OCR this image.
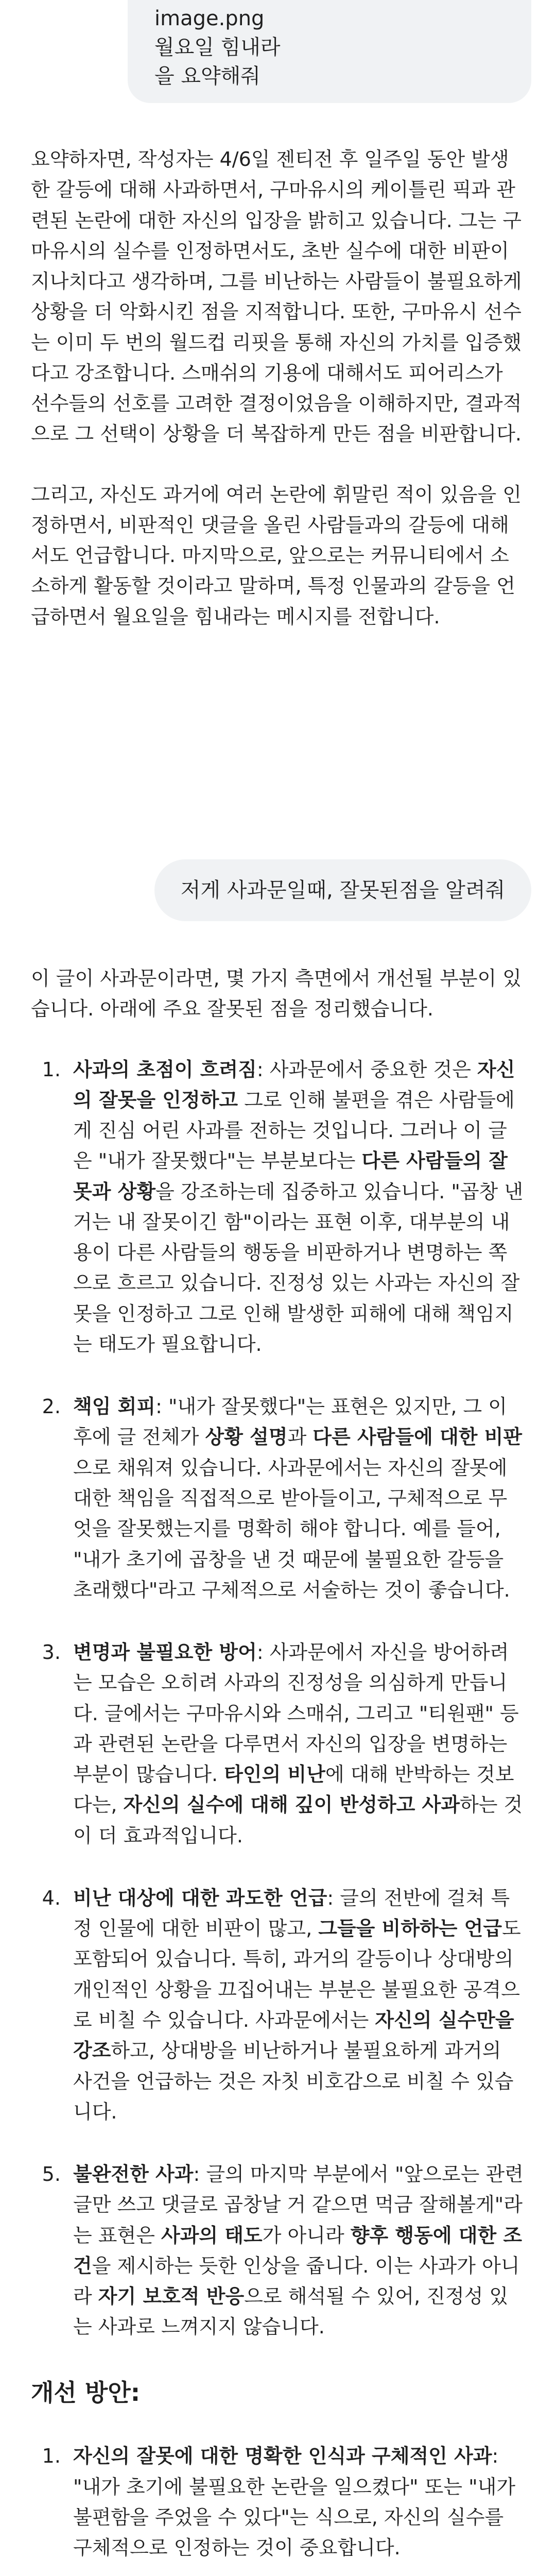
image.png
월요일 힘내라
을 요약해줘

요약하자면, 작성자는 4/6일 젠티전 후 일주일 동안 발생한 갈등에 대해 사과하면서, 구마유시의 케이틀린 픽과 관련된 논란에 대한 자신의 입장을 밝히고 있습니다. 그는 구마유시의 실수를 인정하면서도, 초반 실수에 대한 비판이 지나치다고 생각하며, 그를 비난하는 사람들이 불필요하게 상황을 더 악화시킨 점을 지적합니다. 또한, 구마유시 선수는 이미 두 번의 월드컵 리핏을 통해 자신의 가치를 입증했다고 강조합니다. 스매쉬의 기용에 대해서도 피어리스가 선수들의 선호를 고려한 결정이었음을 이해하지만, 결과적으로 그 선택이 상황을 더 복잡하게 만든 점을 비판합니다.

그리고, 자신도 과거에 여러 논란에 휘말린 적이 있음을 인정하면서, 비판적인 댓글을 올린 사람들과의 갈등에 대해서도 언급합니다. 마지막으로, 앞으로는 커뮤니티에서 소소하게 활동할 것이라고 말하며, 특정 인물과의 갈등을 언급하면서 월요일을 힘내라는 메시지를 전합니다.

저게 사과문일때, 잘못된점을 알려줘

이 글이 사과문이라면, 몇 가지 측면에서 개선될 부분이 있습니다. 아래에 주요 잘못된 점을 정리했습니다.

1. 사과의 초점이 흐려짐: 사과문에서 중요한 것은 자신의 잘못을 인정하고 그로 인해 불편을 겪은 사람들에게 진심 어린 사과를 전하는 것입니다. 그러나 이 글은 "내가 잘못했다"는 부분보다는 다른 사람들의 잘못과 상황을 강조하는데 집중하고 있습니다. "곱창 낸 거는 내 잘못이긴 함"이라는 표현 이후, 대부분의 내용이 다른 사람들의 행동을 비판하거나 변명하는 쪽으로 흐르고 있습니다. 진정성 있는 사과는 자신의 잘못을 인정하고 그로 인해 발생한 피해에 대해 책임지는 태도가 필요합니다.
2. 책임 회피: "내가 잘못했다"는 표현은 있지만, 그 이후에 글 전체가 상황 설명과 다른 사람들에 대한 비판으로 채워져 있습니다. 사과문에서는 자신의 잘못에 대한 책임을 직접적으로 받아들이고, 구체적으로 무엇을 잘못했는지를 명확히 해야 합니다. 예를 들어, "내가 초기에 곱창을 낸 것 때문에 불필요한 갈등을 초래했다"라고 구체적으로 서술하는 것이 좋습니다.
3. 변명과 불필요한 방어: 사과문에서 자신을 방어하려는 모습은 오히려 사과의 진정성을 의심하게 만듭니다. 글에서는 구마유시와 스매쉬, 그리고 "티원팬" 등과 관련된 논란을 다루면서 자신의 입장을 변명하는 부분이 많습니다. 타인의 비난에 대해 반박하는 것보다는, 자신의 실수에 대해 깊이 반성하고 사과하는 것이 더 효과적입니다.
4. 비난 대상에 대한 과도한 언급: 글의 전반에 걸쳐 특정 인물에 대한 비판이 많고, 그들을 비하하는 언급도 포함되어 있습니다. 특히, 과거의 갈등이나 상대방의 개인적인 상황을 끄집어내는 부분은 불필요한 공격으로 비칠 수 있습니다. 사과문에서는 자신의 실수만을 강조하고, 상대방을 비난하거나 불필요하게 과거의 사건을 언급하는 것은 자칫 비호감으로 비칠 수 있습니다.
5. 불완전한 사과: 글의 마지막 부분에서 "앞으로는 관련 글만 쓰고 댓글로 곱창날 거 같으면 먹금 잘해볼게"라는 표현은 사과의 태도가 아니라 향후 행동에 대한 조건을 제시하는 듯한 인상을 줍니다. 이는 사과가 아니라 자기 보호적 반응으로 해석될 수 있어, 진정성 있는 사과로 느껴지지 않습니다.
개선 방안:
1. 자신의 잘못에 대한 명확한 인식과 구체적인 사과: "내가 초기에 불필요한 논란을 일으켰다" 또는 "내가 불편함을 주었을 수 있다"는 식으로, 자신의 실수를 구체적으로 인정하는 것이 중요합니다.
